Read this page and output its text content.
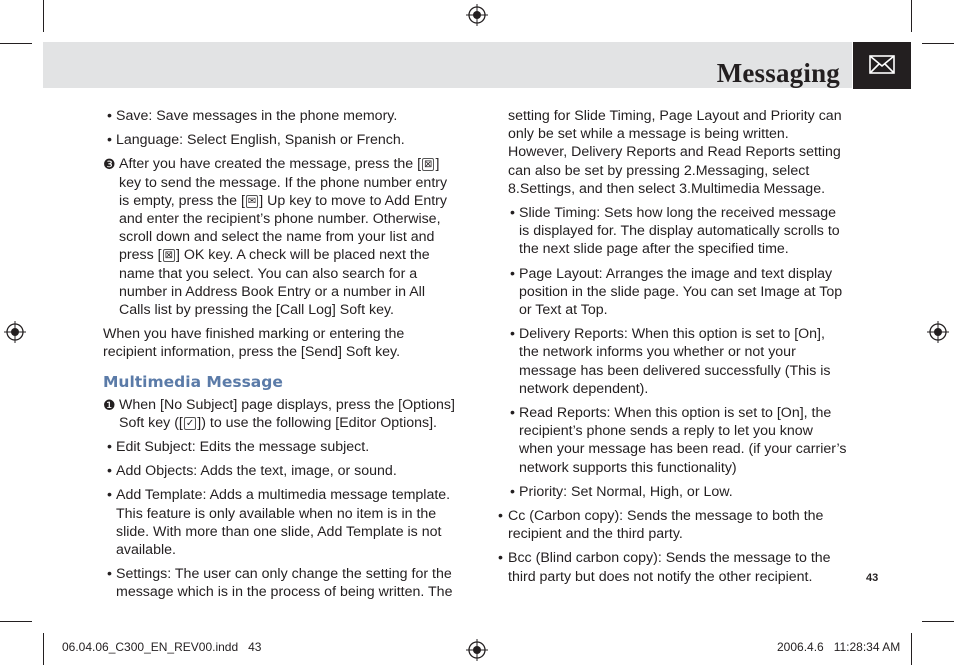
Messaging
• Save: Save messages in the phone memory.
• Language: Select English, Spanish or French.
❸ After you have created the message, press the [ ⊠ ] key to send the message. If the phone number entry is empty, press the [ ✉ ] Up key to move to Add Entry and enter the recipient’s phone number. Otherwise, scroll down and select the name from your list and press [ ⊠ ] OK key. A check will be placed next the name that you select. You can also search for a number in Address Book Entry or a number in All Calls list by pressing the [Call Log] Soft key.

When you have finished marking or entering the recipient information, press the [Send] Soft key.

Multimedia Message
❶ When [No Subject] page displays, press the [Options] Soft key ([ ✓ ]) to use the following [Editor Options].
• Edit Subject: Edits the message subject.
• Add Objects: Adds the text, image, or sound.
• Add Template: Adds a multimedia message template. This feature is only available when no item is in the slide. With more than one slide, Add Template is not available.
• Settings: The user can only change the setting for the message which is in the process of being written. The

setting for Slide Timing, Page Layout and Priority can only be set while a message is being written. However, Delivery Reports and Read Reports setting can also be set by pressing 2.Messaging, select 8.Settings, and then select 3.Multimedia Message.

• Slide Timing: Sets how long the received message is displayed for. The display automatically scrolls to the next slide page after the specified time.
• Page Layout: Arranges the image and text display position in the slide page. You can set Image at Top or Text at Top.
• Delivery Reports: When this option is set to [On], the network informs you whether or not your message has been delivered successfully (This is network dependent).
• Read Reports: When this option is set to [On], the recipient’s phone sends a reply to let you know when your message has been read. (if your carrier’s network supports this functionality)
• Priority: Set Normal, High, or Low.
• Cc (Carbon copy): Sends the message to both the recipient and the third party.
• Bcc (Blind carbon copy): Sends the message to the third party but does not notify the other recipient.	43
06.04.06_C300_EN_REV00.indd   43	2006.4.6   11:28:34 AM
